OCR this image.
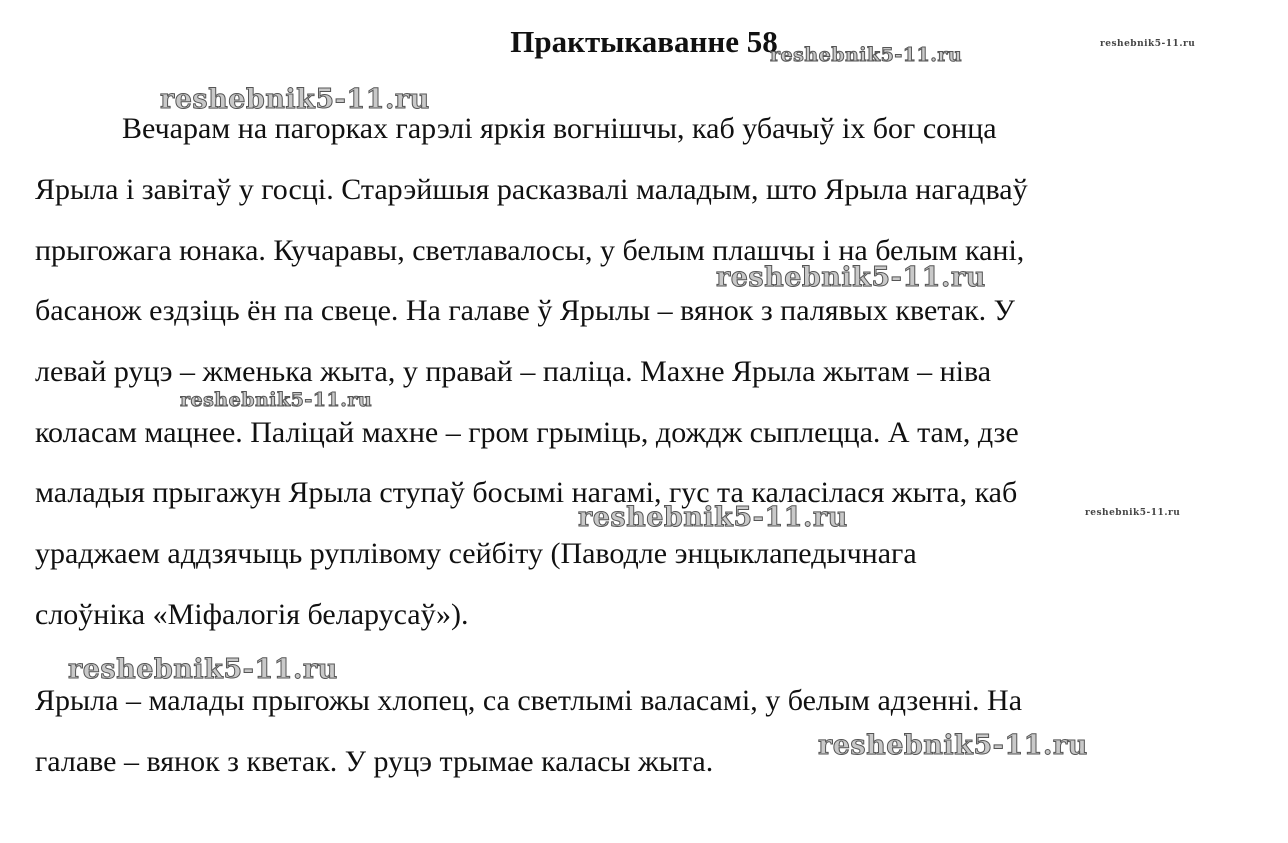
Практыкаванне 58

Вечарам на пагорках гарэлі яркія вогнішчы, каб убачыў іх бог сонца

Ярыла і завітаў у госці. Старэйшыя расказвалі маладым, што Ярыла нагадваў

прыгожага юнака. Кучаравы, светлавалосы, у белым плашчы і на белым кані,

басанож ездзіць ён па свеце. На галаве ў Ярылы – вянок з палявых кветак. У

левай руцэ – жменька жыта, у правай – паліца. Махне Ярыла жытам – ніва

коласам мацнее. Паліцай махне – гром грыміць, дождж сыплецца. А там, дзе

маладыя прыгажун Ярыла ступаў босымі нагамі, гус та каласілася жыта, каб

ураджаем аддзячыць руплівому сейбіту (Паводле энцыклапедычнага

слоўніка «Міфалогія беларусаў»).

Ярыла – малады прыгожы хлопец, са светлымі валасамі, у белым адзенні. На

галаве – вянок з кветак. У руцэ трымае каласы жыта.

reshebnik5-11.ru	reshebnik5-11.ru
reshebnik5-11.ru
reshebnik5-11.ru
reshebnik5-11.ru
reshebnik5-11.ru	reshebnik5-11.ru
reshebnik5-11.ru
reshebnik5-11.ru
